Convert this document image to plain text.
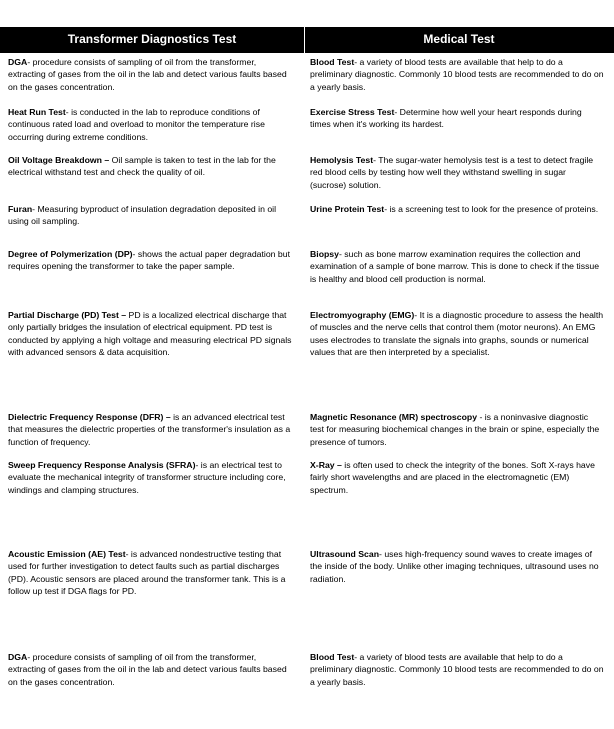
Transformer Diagnostics Test	Medical Test
DGA- procedure consists of sampling of oil from the transformer, extracting of gases from the oil in the lab and detect various faults based on the gases concentration.
Blood Test- a variety of blood tests are available that help to do a preliminary diagnostic. Commonly 10 blood tests are recommended to do on a yearly basis.
Heat Run Test- is conducted in the lab to reproduce conditions of continuous rated load and overload to monitor the temperature rise occurring during extreme conditions.
Exercise Stress Test- Determine how well your heart responds during times when it's working its hardest.
Oil Voltage Breakdown – Oil sample is taken to test in the lab for the electrical withstand test and check the quality of oil.
Hemolysis Test- The sugar-water hemolysis test is a test to detect fragile red blood cells by testing how well they withstand swelling in sugar (sucrose) solution.
Furan- Measuring byproduct of insulation degradation deposited in oil using oil sampling.
Urine Protein Test- is a screening test to look for the presence of proteins.
Degree of Polymerization (DP)- shows the actual paper degradation but requires opening the transformer to take the paper sample.
Biopsy- such as bone marrow examination requires the collection and examination of a sample of bone marrow. This is done to check if the tissue is healthy and blood cell production is normal.
Partial Discharge (PD) Test – PD is a localized electrical discharge that only partially bridges the insulation of electrical equipment. PD test is conducted by applying a high voltage and measuring electrical PD signals with advanced sensors & data acquisition.
Electromyography (EMG)- It is a diagnostic procedure to assess the health of muscles and the nerve cells that control them (motor neurons). An EMG uses electrodes to translate the signals into graphs, sounds or numerical values that are then interpreted by a specialist.
Dielectric Frequency Response (DFR) – is an advanced electrical test that measures the dielectric properties of the transformer's insulation as a function of frequency.
Magnetic Resonance (MR) spectroscopy - is a noninvasive diagnostic test for measuring biochemical changes in the brain or spine, especially the presence of tumors.
Sweep Frequency Response Analysis (SFRA)- is an electrical test to evaluate the mechanical integrity of transformer structure including core, windings and clamping structures.
X-Ray – is often used to check the integrity of the bones. Soft X-rays have fairly short wavelengths and are placed in the electromagnetic (EM) spectrum.
Acoustic Emission (AE) Test- is advanced nondestructive testing that used for further investigation to detect faults such as partial discharges (PD). Acoustic sensors are placed around the transformer tank. This is a follow up test if DGA flags for PD.
Ultrasound Scan- uses high-frequency sound waves to create images of the inside of the body. Unlike other imaging techniques, ultrasound uses no radiation.
DGA- procedure consists of sampling of oil from the transformer, extracting of gases from the oil in the lab and detect various faults based on the gases concentration.
Blood Test- a variety of blood tests are available that help to do a preliminary diagnostic. Commonly 10 blood tests are recommended to do on a yearly basis.
